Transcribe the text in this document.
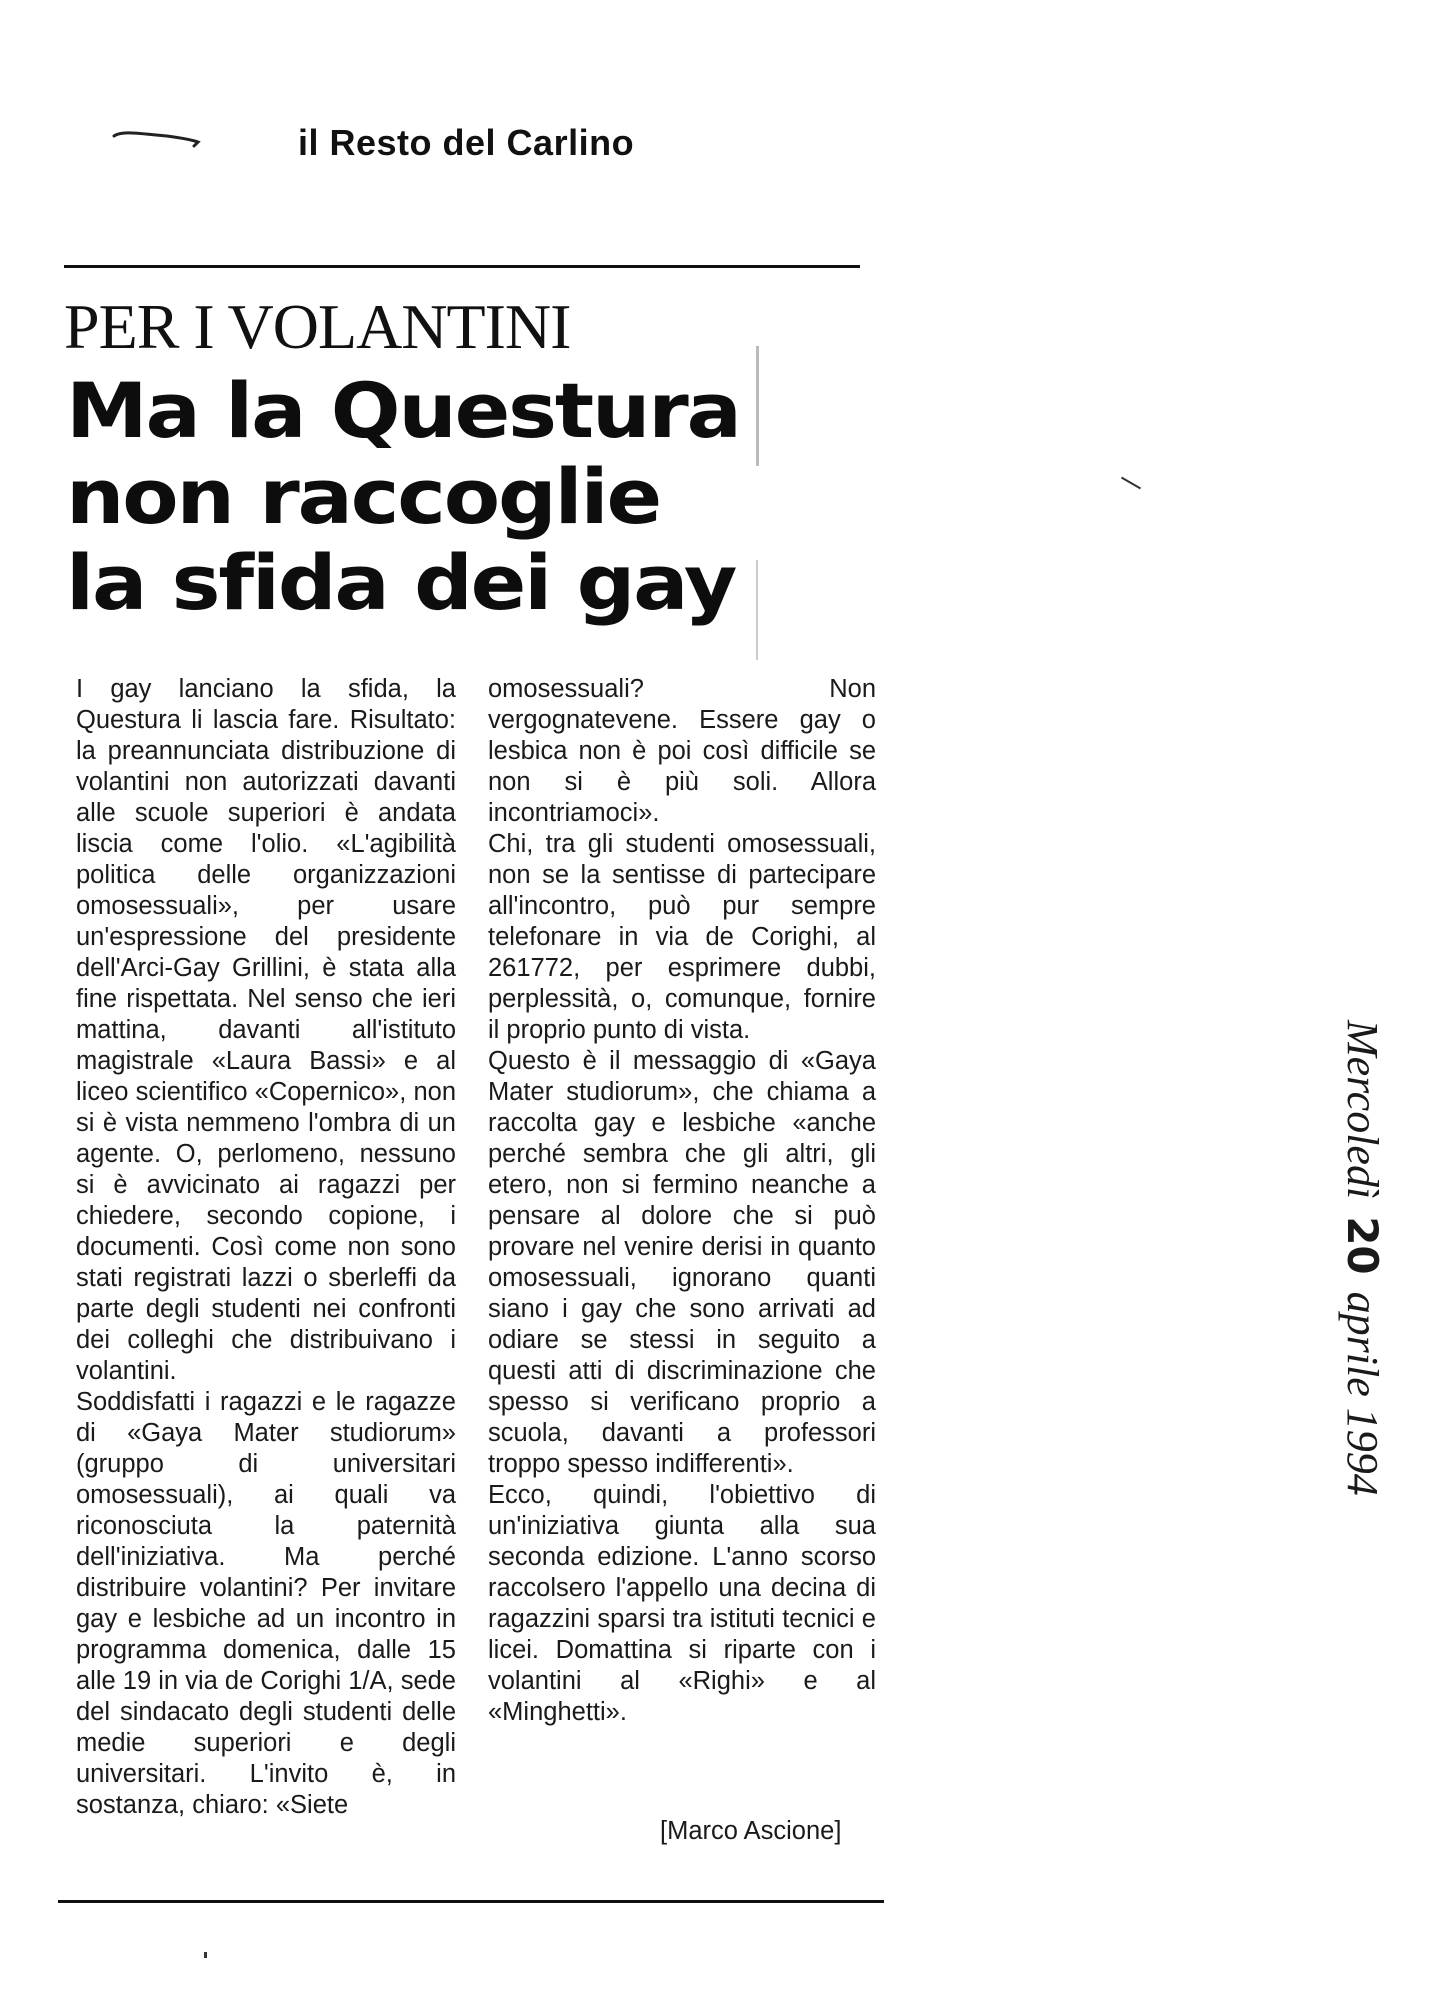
il Resto del Carlino
PER I VOLANTINI
Ma la Questura
non raccoglie
la sfida dei gay
I gay lanciano la sfida, la Questura li lascia fare. Risultato: la preannunciata distribuzione di volantini non autorizzati davanti alle scuole superiori è andata liscia come l'olio. «L'agibilità politica delle organizzazioni omosessuali», per usare un'espressione del presidente dell'Arci-Gay Grillini, è stata alla fine rispettata. Nel senso che ieri mattina, davanti all'istituto magistrale «Laura Bassi» e al liceo scientifico «Copernico», non si è vista nemmeno l'ombra di un agente. O, perlomeno, nessuno si è avvicinato ai ragazzi per chiedere, secondo copione, i documenti. Così come non sono stati registrati lazzi o sberleffi da parte degli studenti nei confronti dei colleghi che distribuivano i volantini.
Soddisfatti i ragazzi e le ragazze di «Gaya Mater studiorum» (gruppo di universitari omosessuali), ai quali va riconosciuta la paternità dell'iniziativa. Ma perché distribuire volantini? Per invitare gay e lesbiche ad un incontro in programma domenica, dalle 15 alle 19 in via de Corighi 1/A, sede del sindacato degli studenti delle medie superiori e degli universitari. L'invito è, in sostanza, chiaro: «Siete
omosessuali? Non vergognatevene. Essere gay o lesbica non è poi così difficile se non si è più soli. Allora incontriamoci».
Chi, tra gli studenti omosessuali, non se la sentisse di partecipare all'incontro, può pur sempre telefonare in via de Corighi, al 261772, per esprimere dubbi, perplessità, o, comunque, fornire il proprio punto di vista.
Questo è il messaggio di «Gaya Mater studiorum», che chiama a raccolta gay e lesbiche «anche perché sembra che gli altri, gli etero, non si fermino neanche a pensare al dolore che si può provare nel venire derisi in quanto omosessuali, ignorano quanti siano i gay che sono arrivati ad odiare se stessi in seguito a questi atti di discriminazione che spesso si verificano proprio a scuola, davanti a professori troppo spesso indifferenti».
Ecco, quindi, l'obiettivo di un'iniziativa giunta alla sua seconda edizione. L'anno scorso raccolsero l'appello una decina di ragazzini sparsi tra istituti tecnici e licei. Domattina si riparte con i volantini al «Righi» e al «Minghetti».
[Marco Ascione]
Mercoledì 20 aprile 1994
